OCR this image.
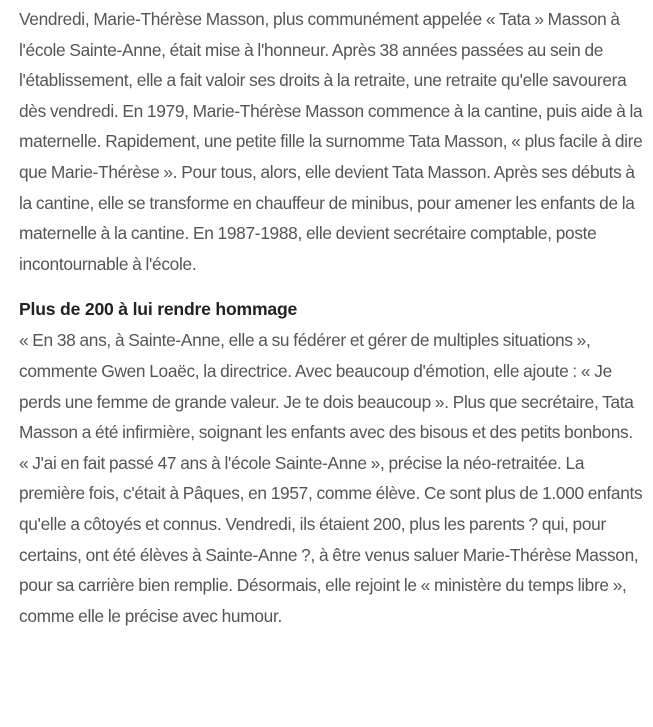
Vendredi, Marie-Thérèse Masson, plus communément appelée « Tata » Masson à l'école Sainte-Anne, était mise à l'honneur. Après 38 années passées au sein de l'établissement, elle a fait valoir ses droits à la retraite, une retraite qu'elle savourera dès vendredi. En 1979, Marie-Thérèse Masson commence à la cantine, puis aide à la maternelle. Rapidement, une petite fille la surnomme Tata Masson, « plus facile à dire que Marie-Thérèse ». Pour tous, alors, elle devient Tata Masson. Après ses débuts à la cantine, elle se transforme en chauffeur de minibus, pour amener les enfants de la maternelle à la cantine. En 1987-1988, elle devient secrétaire comptable, poste incontournable à l'école.

Plus de 200 à lui rendre hommage

« En 38 ans, à Sainte-Anne, elle a su fédérer et gérer de multiples situations », commente Gwen Loaëc, la directrice. Avec beaucoup d'émotion, elle ajoute : « Je perds une femme de grande valeur. Je te dois beaucoup ». Plus que secrétaire, Tata Masson a été infirmière, soignant les enfants avec des bisous et des petits bonbons. « J'ai en fait passé 47 ans à l'école Sainte-Anne », précise la néo-retraitée. La première fois, c'était à Pâques, en 1957, comme élève. Ce sont plus de 1.000 enfants qu'elle a côtoyés et connus. Vendredi, ils étaient 200, plus les parents ? qui, pour certains, ont été élèves à Sainte-Anne ?, à être venus saluer Marie-Thérèse Masson, pour sa carrière bien remplie. Désormais, elle rejoint le « ministère du temps libre », comme elle le précise avec humour.
